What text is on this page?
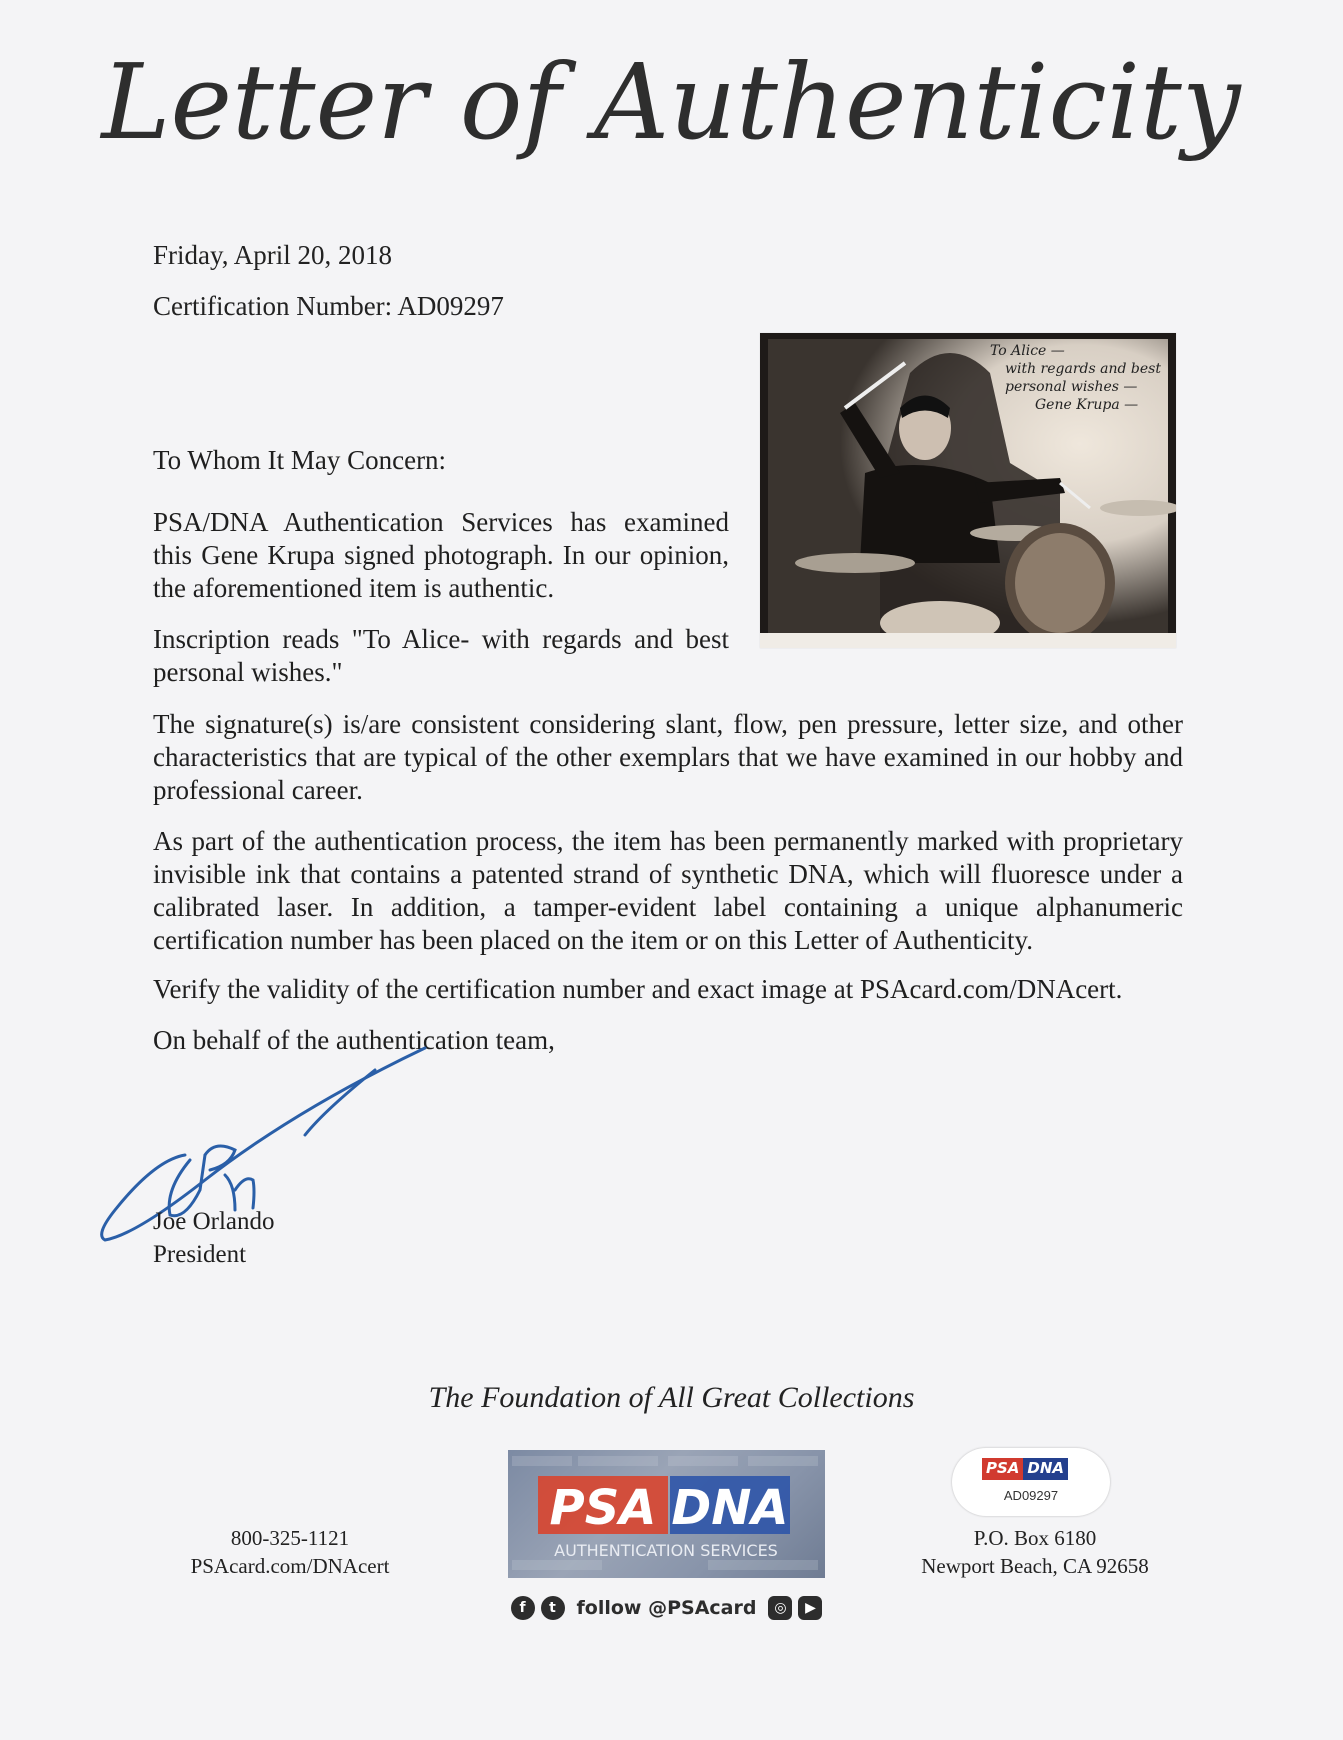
Letter of Authenticity
Friday, April 20, 2018
Certification Number: AD09297
To Alice —
with regards and best
personal wishes —
Gene Krupa —
To Whom It May Concern:

PSA/DNA Authentication Services has examined this Gene Krupa signed photograph. In our opinion, the aforementioned item is authentic.

Inscription reads "To Alice- with regards and best personal wishes."

The signature(s) is/are consistent considering slant, flow, pen pressure, letter size, and other characteristics that are typical of the other exemplars that we have examined in our hobby and professional career.

As part of the authentication process, the item has been permanently marked with proprietary invisible ink that contains a patented strand of synthetic DNA, which will fluoresce under a calibrated laser. In addition, a tamper-evident label containing a unique alphanumeric certification number has been placed on the item or on this Letter of Authenticity.

Verify the validity of the certification number and exact image at PSAcard.com/DNAcert.

On behalf of the authentication team,

Joe Orlando
President
The Foundation of All Great Collections
800-325-1121
PSAcard.com/DNAcert
PSA DNA
AUTHENTICATION SERVICES
f	t	follow @PSAcard	◎	▶
P.O. Box 6180
Newport Beach, CA 92658
PSA DNA
AD09297
